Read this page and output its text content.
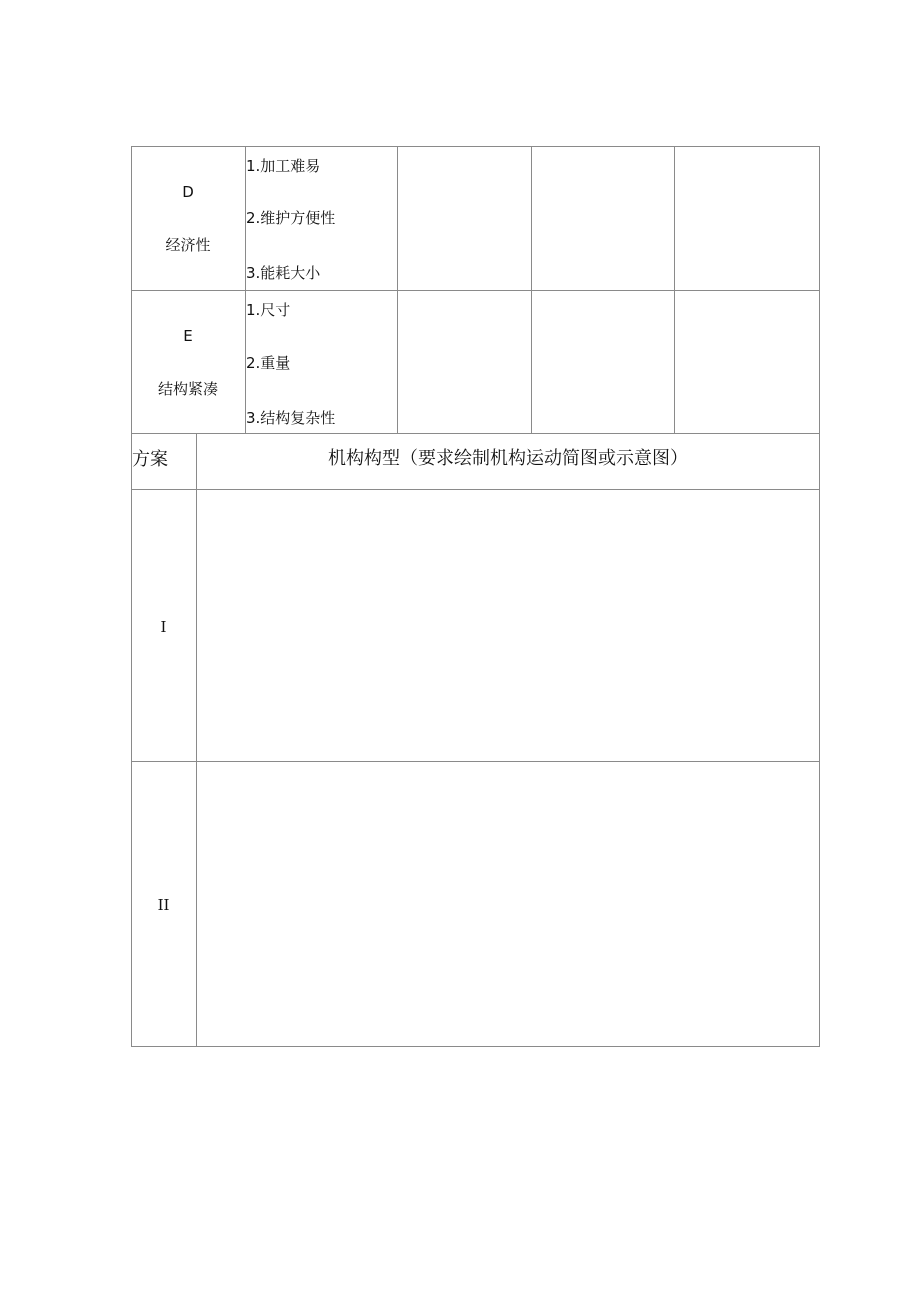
D
经济性
1.加工难易
2.维护方便性
3.能耗大小
E
结构紧凑
1.尺寸
2.重量
3.结构复杂性
方案	机构构型（要求绘制机构运动简图或示意图）
I
II
